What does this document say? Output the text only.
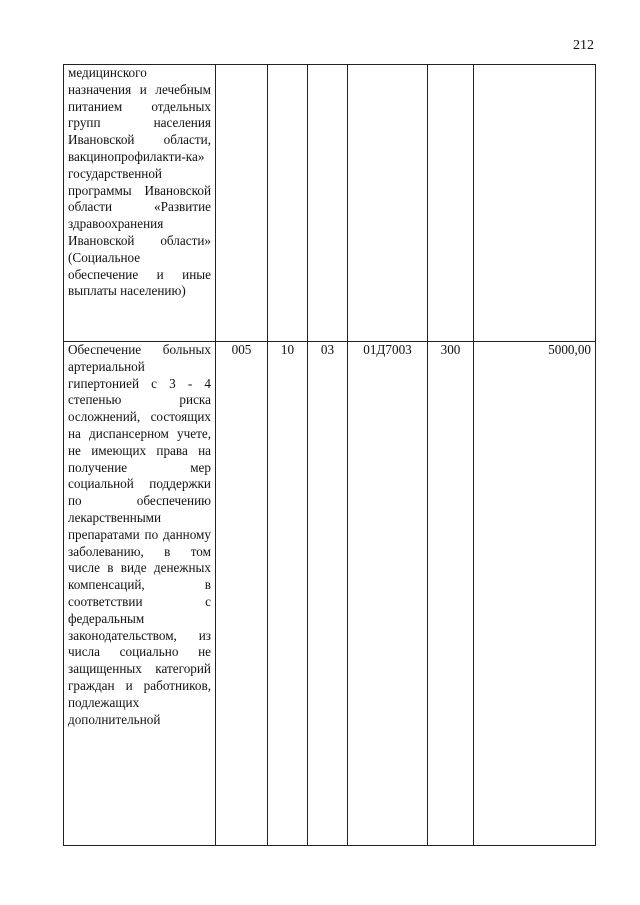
212
медицинского назначения и лечебным питанием отдельных групп населения Ивановской области, вакцинопрофилакти-ка» государственной программы Ивановской области «Развитие здравоохранения Ивановской области» (Социальное обеспечение и иные выплаты населению)						
Обеспечение больных артериальной гипертонией с 3 - 4 степенью риска осложнений, состоящих на диспансерном учете, не имеющих права на получение мер социальной поддержки по обеспечению лекарственными препаратами по данному заболеванию, в том числе в виде денежных компенсаций, в соответствии с федеральным законодательством, из числа социально не защищенных категорий граждан и работников, подлежащих дополнительной	005	10	03	01Д7003	300	5000,00
